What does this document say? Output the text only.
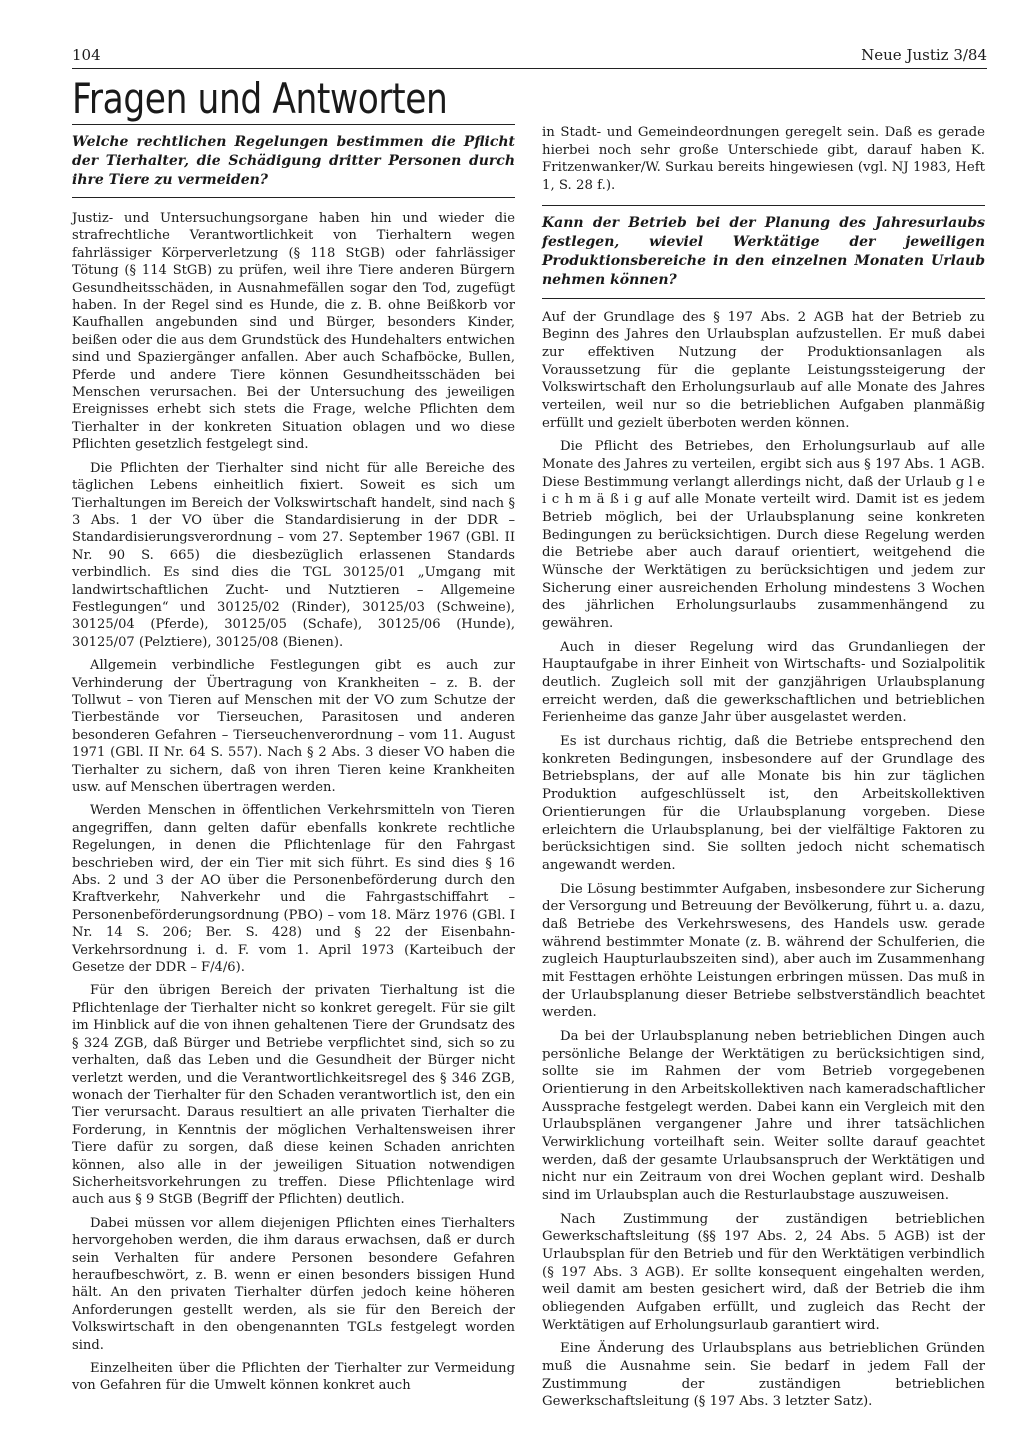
104	Neue Justiz 3/84
Fragen und Antworten
Welche rechtlichen Regelungen bestimmen die Pflicht der Tierhalter, die Schädigung dritter Personen durch ihre Tiere zu vermeiden?

Justiz- und Untersuchungsorgane haben hin und wieder die strafrechtliche Verantwortlichkeit von Tierhaltern wegen fahrlässiger Körperverletzung (§ 118 StGB) oder fahrlässiger Tötung (§ 114 StGB) zu prüfen, weil ihre Tiere anderen Bürgern Gesundheitsschäden, in Ausnahmefällen sogar den Tod, zugefügt haben. In der Regel sind es Hunde, die z. B. ohne Beißkorb vor Kaufhallen angebunden sind und Bürger, besonders Kinder, beißen oder die aus dem Grundstück des Hundehalters entwichen sind und Spaziergänger anfallen. Aber auch Schafböcke, Bullen, Pferde und andere Tiere können Gesundheitsschäden bei Menschen verursachen. Bei der Untersuchung des jeweiligen Ereignisses erhebt sich stets die Frage, welche Pflichten dem Tierhalter in der konkreten Situation oblagen und wo diese Pflichten gesetzlich festgelegt sind.

Die Pflichten der Tierhalter sind nicht für alle Bereiche des täglichen Lebens einheitlich fixiert. Soweit es sich um Tierhaltungen im Bereich der Volkswirtschaft handelt, sind nach § 3 Abs. 1 der VO über die Standardisierung in der DDR – Standardisierungsverordnung – vom 27. September 1967 (GBl. II Nr. 90 S. 665) die diesbezüglich erlassenen Standards verbindlich. Es sind dies die TGL 30125/01 „Umgang mit landwirtschaftlichen Zucht- und Nutztieren – Allgemeine Festlegungen“ und 30125/02 (Rinder), 30125/03 (Schweine), 30125/04 (Pferde), 30125/05 (Schafe), 30125/06 (Hunde), 30125/07 (Pelztiere), 30125/08 (Bienen).

Allgemein verbindliche Festlegungen gibt es auch zur Verhinderung der Übertragung von Krankheiten – z. B. der Tollwut – von Tieren auf Menschen mit der VO zum Schutze der Tierbestände vor Tierseuchen, Parasitosen und anderen besonderen Gefahren – Tierseuchenverordnung – vom 11. August 1971 (GBl. II Nr. 64 S. 557). Nach § 2 Abs. 3 dieser VO haben die Tierhalter zu sichern, daß von ihren Tieren keine Krankheiten usw. auf Menschen übertragen werden.

Werden Menschen in öffentlichen Verkehrsmitteln von Tieren angegriffen, dann gelten dafür ebenfalls konkrete rechtliche Regelungen, in denen die Pflichtenlage für den Fahrgast beschrieben wird, der ein Tier mit sich führt. Es sind dies § 16 Abs. 2 und 3 der AO über die Personenbeförderung durch den Kraftverkehr, Nahverkehr und die Fahrgastschiffahrt – Personenbeförderungsordnung (PBO) – vom 18. März 1976 (GBl. I Nr. 14 S. 206; Ber. S. 428) und § 22 der Eisenbahn-Verkehrsordnung i. d. F. vom 1. April 1973 (Karteibuch der Gesetze der DDR – F/4/6).

Für den übrigen Bereich der privaten Tierhaltung ist die Pflichtenlage der Tierhalter nicht so konkret geregelt. Für sie gilt im Hinblick auf die von ihnen gehaltenen Tiere der Grundsatz des § 324 ZGB, daß Bürger und Betriebe verpflichtet sind, sich so zu verhalten, daß das Leben und die Gesundheit der Bürger nicht verletzt werden, und die Verantwortlichkeitsregel des § 346 ZGB, wonach der Tierhalter für den Schaden verantwortlich ist, den ein Tier verursacht. Daraus resultiert an alle privaten Tierhalter die Forderung, in Kenntnis der möglichen Verhaltensweisen ihrer Tiere dafür zu sorgen, daß diese keinen Schaden anrichten können, also alle in der jeweiligen Situation notwendigen Sicherheitsvorkehrungen zu treffen. Diese Pflichtenlage wird auch aus § 9 StGB (Begriff der Pflichten) deutlich.

Dabei müssen vor allem diejenigen Pflichten eines Tierhalters hervorgehoben werden, die ihm daraus erwachsen, daß er durch sein Verhalten für andere Personen besondere Gefahren heraufbeschwört, z. B. wenn er einen besonders bissigen Hund hält. An den privaten Tierhalter dürfen jedoch keine höheren Anforderungen gestellt werden, als sie für den Bereich der Volkswirtschaft in den obengenannten TGLs festgelegt worden sind.

Einzelheiten über die Pflichten der Tierhalter zur Vermeidung von Gefahren für die Umwelt können konkret auch

in Stadt- und Gemeindeordnungen geregelt sein. Daß es gerade hierbei noch sehr große Unterschiede gibt, darauf haben K. Fritzenwanker/W. Surkau bereits hingewiesen (vgl. NJ 1983, Heft 1, S. 28 f.).

Kann der Betrieb bei der Planung des Jahresurlaubs festlegen, wieviel Werktätige der jeweiligen Produktionsbereiche in den einzelnen Monaten Urlaub nehmen können?

Auf der Grundlage des § 197 Abs. 2 AGB hat der Betrieb zu Beginn des Jahres den Urlaubsplan aufzustellen. Er muß dabei zur effektiven Nutzung der Produktionsanlagen als Voraussetzung für die geplante Leistungssteigerung der Volkswirtschaft den Erholungsurlaub auf alle Monate des Jahres verteilen, weil nur so die betrieblichen Aufgaben planmäßig erfüllt und gezielt überboten werden können.

Die Pflicht des Betriebes, den Erholungsurlaub auf alle Monate des Jahres zu verteilen, ergibt sich aus § 197 Abs. 1 AGB. Diese Bestimmung verlangt allerdings nicht, daß der Urlaub g l e i c h m ä ß i g auf alle Monate verteilt wird. Damit ist es jedem Betrieb möglich, bei der Urlaubsplanung seine konkreten Bedingungen zu berücksichtigen. Durch diese Regelung werden die Betriebe aber auch darauf orientiert, weitgehend die Wünsche der Werktätigen zu berücksichtigen und jedem zur Sicherung einer ausreichenden Erholung mindestens 3 Wochen des jährlichen Erholungsurlaubs zusammenhängend zu gewähren.

Auch in dieser Regelung wird das Grundanliegen der Hauptaufgabe in ihrer Einheit von Wirtschafts- und Sozialpolitik deutlich. Zugleich soll mit der ganzjährigen Urlaubsplanung erreicht werden, daß die gewerkschaftlichen und betrieblichen Ferienheime das ganze Jahr über ausgelastet werden.

Es ist durchaus richtig, daß die Betriebe entsprechend den konkreten Bedingungen, insbesondere auf der Grundlage des Betriebsplans, der auf alle Monate bis hin zur täglichen Produktion aufgeschlüsselt ist, den Arbeitskollektiven Orientierungen für die Urlaubsplanung vorgeben. Diese erleichtern die Urlaubsplanung, bei der vielfältige Faktoren zu berücksichtigen sind. Sie sollten jedoch nicht schematisch angewandt werden.

Die Lösung bestimmter Aufgaben, insbesondere zur Sicherung der Versorgung und Betreuung der Bevölkerung, führt u. a. dazu, daß Betriebe des Verkehrswesens, des Handels usw. gerade während bestimmter Monate (z. B. während der Schulferien, die zugleich Haupturlaubszeiten sind), aber auch im Zusammenhang mit Festtagen erhöhte Leistungen erbringen müssen. Das muß in der Urlaubsplanung dieser Betriebe selbstverständlich beachtet werden.

Da bei der Urlaubsplanung neben betrieblichen Dingen auch persönliche Belange der Werktätigen zu berücksichtigen sind, sollte sie im Rahmen der vom Betrieb vorgegebenen Orientierung in den Arbeitskollektiven nach kameradschaftlicher Aussprache festgelegt werden. Dabei kann ein Vergleich mit den Urlaubsplänen vergangener Jahre und ihrer tatsächlichen Verwirklichung vorteilhaft sein. Weiter sollte darauf geachtet werden, daß der gesamte Urlaubsanspruch der Werktätigen und nicht nur ein Zeitraum von drei Wochen geplant wird. Deshalb sind im Urlaubsplan auch die Resturlaubstage auszuweisen.

Nach Zustimmung der zuständigen betrieblichen Gewerkschaftsleitung (§§ 197 Abs. 2, 24 Abs. 5 AGB) ist der Urlaubsplan für den Betrieb und für den Werktätigen verbindlich (§ 197 Abs. 3 AGB). Er sollte konsequent eingehalten werden, weil damit am besten gesichert wird, daß der Betrieb die ihm obliegenden Aufgaben erfüllt, und zugleich das Recht der Werktätigen auf Erholungsurlaub garantiert wird.

Eine Änderung des Urlaubsplans aus betrieblichen Gründen muß die Ausnahme sein. Sie bedarf in jedem Fall der Zustimmung der zuständigen betrieblichen Gewerkschaftsleitung (§ 197 Abs. 3 letzter Satz).
